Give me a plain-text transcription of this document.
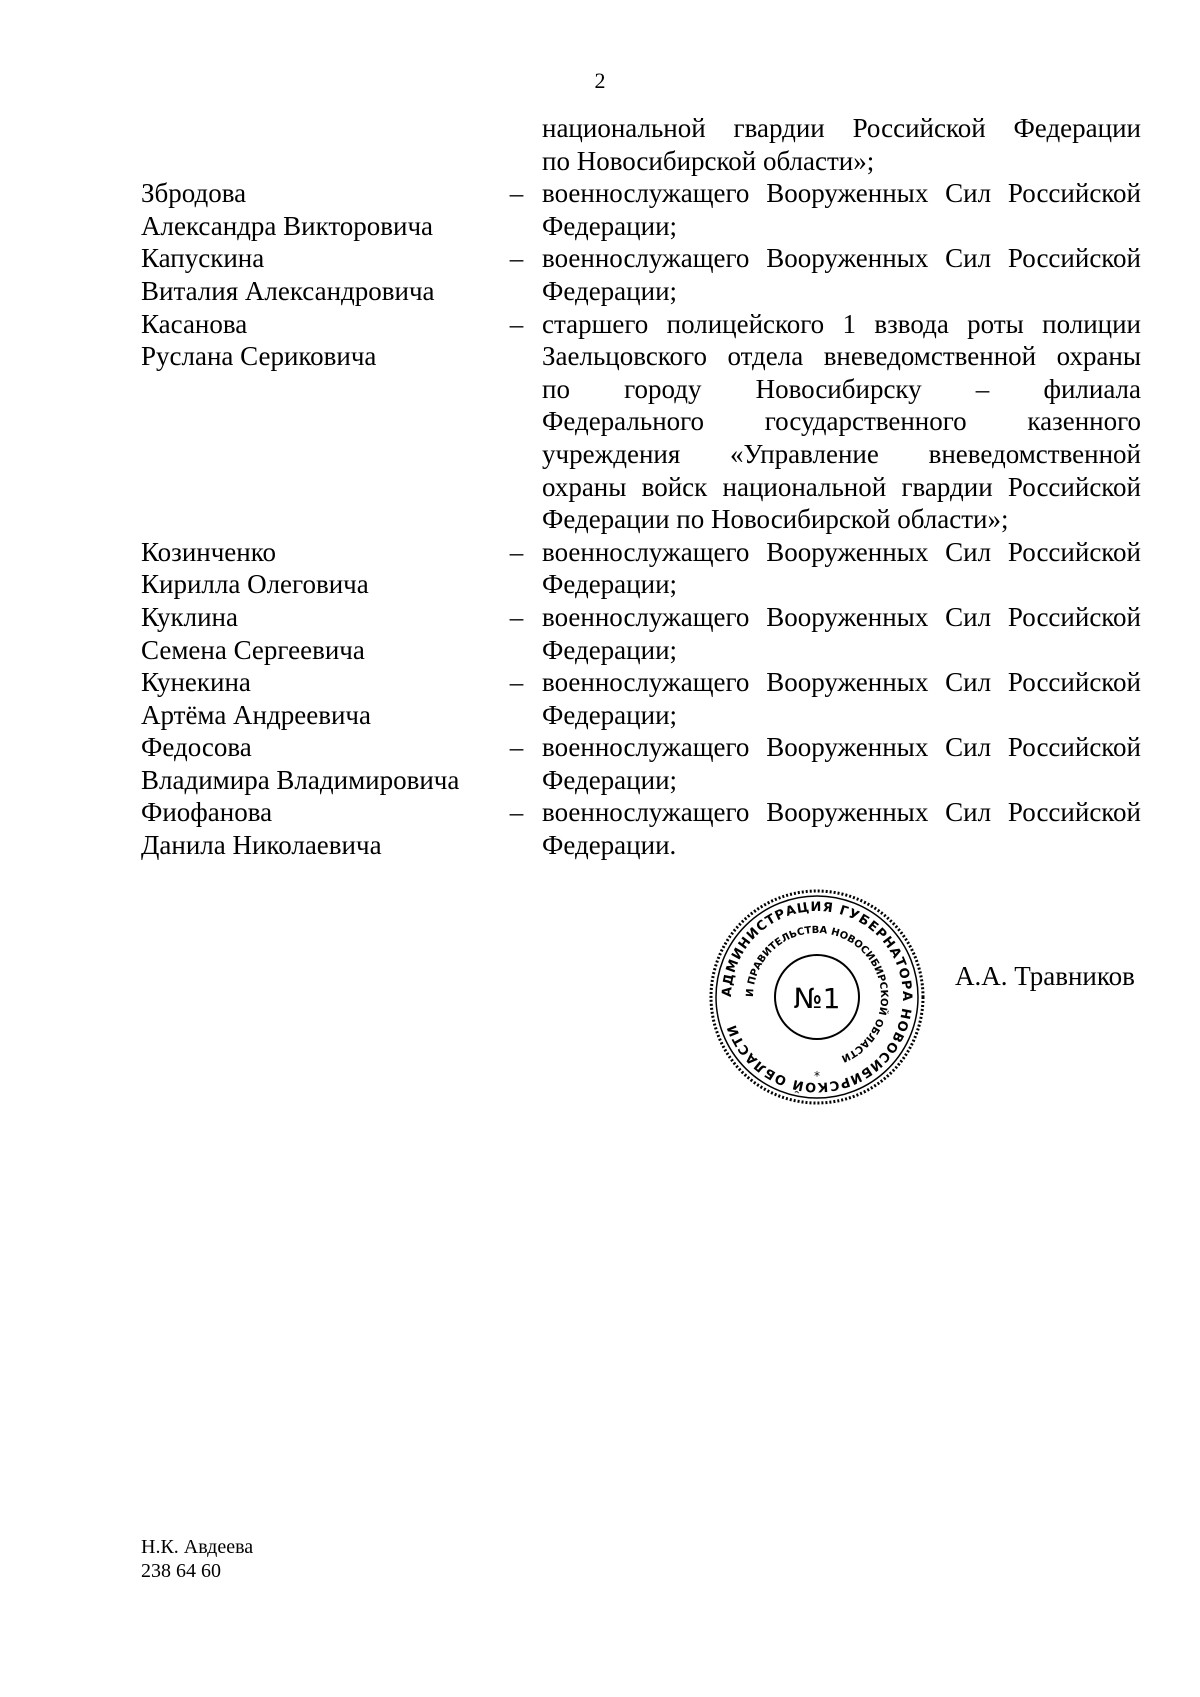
2
национальной гвардии Российской Федерации
по Новосибирской области»;
Збродова
Александра Викторовича
– военнослужащего Вооруженных Сил Российской
Федерации;
Капускина
Виталия Александровича
– военнослужащего Вооруженных Сил Российской
Федерации;
Касанова
Руслана Сериковича
– старшего полицейского 1 взвода роты полиции
Заельцовского отдела вневедомственной охраны
по городу Новосибирску – филиала
Федерального государственного казенного
учреждения «Управление вневедомственной
охраны войск национальной гвардии Российской
Федерации по Новосибирской области»;
Козинченко
Кирилла Олеговича
– военнослужащего Вооруженных Сил Российской
Федерации;
Куклина
Семена Сергеевича
– военнослужащего Вооруженных Сил Российской
Федерации;
Кунекина
Артёма Андреевича
– военнослужащего Вооруженных Сил Российской
Федерации;
Федосова
Владимира Владимировича
– военнослужащего Вооруженных Сил Российской
Федерации;
Фиофанова
Данила Николаевича
– военнослужащего Вооруженных Сил Российской
Федерации.
АДМИНИСТРАЦИЯ ГУБЕРНАТОРА НОВОСИБИРСКОЙ ОБЛАСТИ
И ПРАВИТЕЛЬСТВА НОВОСИБИРСКОЙ ОБЛАСТИ
№1
*
А.А. Травников
Н.К. Авдеева
238 64 60
